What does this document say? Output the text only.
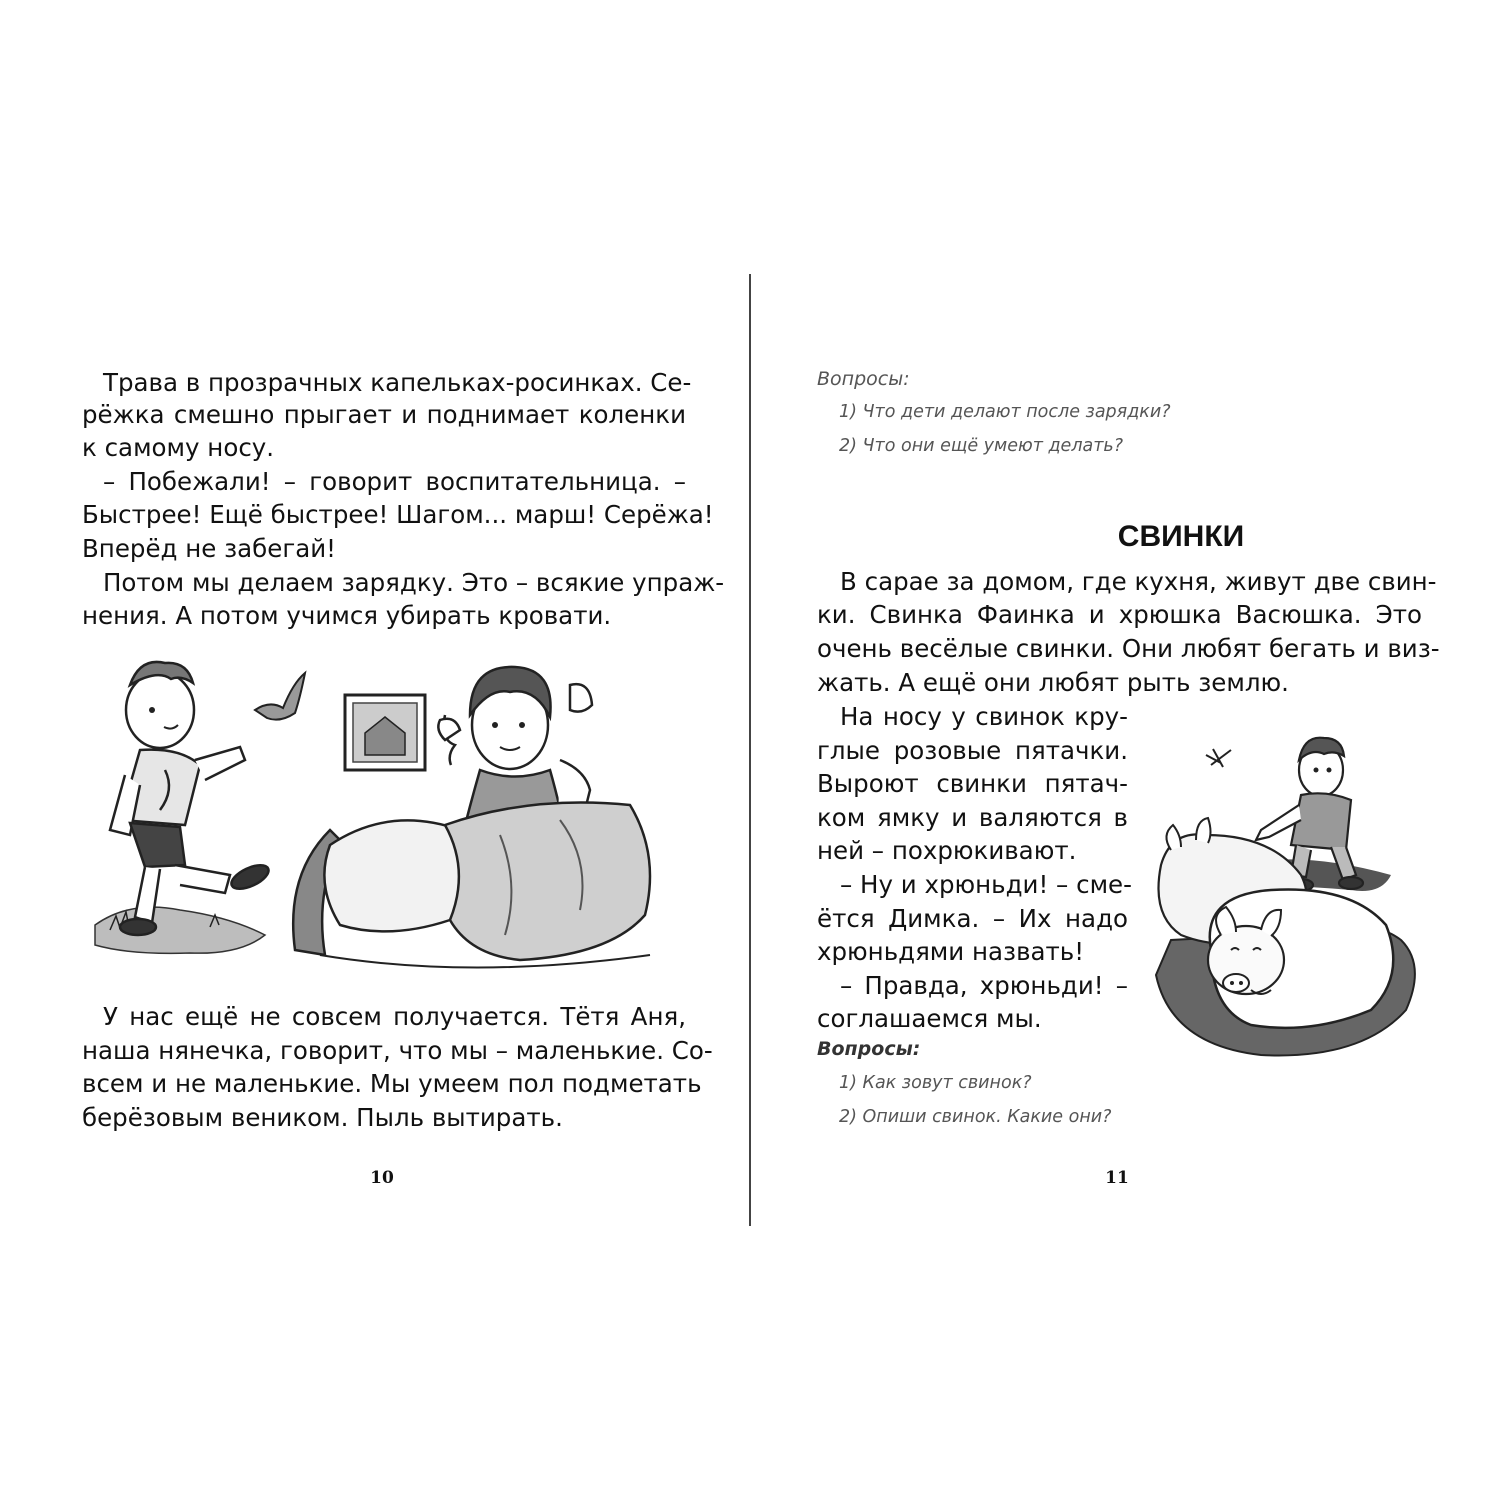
Трава в прозрачных капельках-росинках. Се-
рёжка смешно прыгает и поднимает коленки
к самому носу.
– Побежали! – говорит воспитательница. –
Быстрее! Ещё быстрее! Шагом... марш! Серёжа!
Вперёд не забегай!
Потом мы делаем зарядку. Это – всякие упраж-
нения. А потом учимся убирать кровати.
У нас ещё не совсем получается. Тётя Аня,
наша нянечка, говорит, что мы – маленькие. Со-
всем и не маленькие. Мы умеем пол подметать
берёзовым веником. Пыль вытирать.
10
Вопросы:
1) Что дети делают после зарядки?
2) Что они ещё умеют делать?
СВИНКИ
В сарае за домом, где кухня, живут две свин-
ки. Свинка Фаинка и хрюшка Васюшка. Это
очень весёлые свинки. Они любят бегать и виз-
жать. А ещё они любят рыть землю.
На носу у свинок кру-
глые розовые пятачки.
Выроют свинки пятач-
ком ямку и валяются в
ней – похрюкивают.
– Ну и хрюньди! – сме-
ётся Димка. – Их надо
хрюньдями назвать!
– Правда, хрюньди! –
соглашаемся мы.
Вопросы:
1) Как зовут свинок?
2) Опиши свинок. Какие они?
11
